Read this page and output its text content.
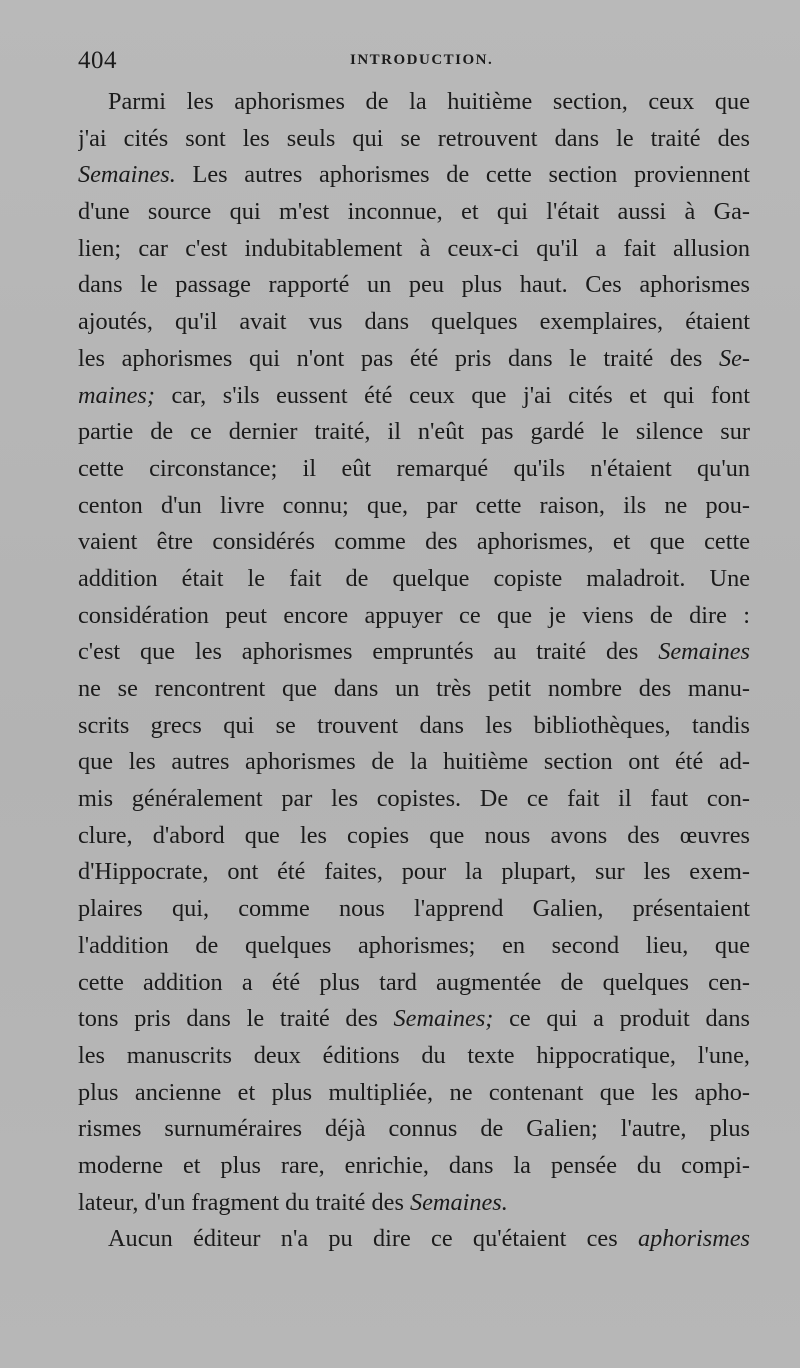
404	INTRODUCTION.
Parmi les aphorismes de la huitième section, ceux que
j'ai cités sont les seuls qui se retrouvent dans le traité des
Semaines. Les autres aphorismes de cette section proviennent
d'une source qui m'est inconnue, et qui l'était aussi à Ga-
lien; car c'est indubitablement à ceux-ci qu'il a fait allusion
dans le passage rapporté un peu plus haut. Ces aphorismes
ajoutés, qu'il avait vus dans quelques exemplaires, étaient
les aphorismes qui n'ont pas été pris dans le traité des Se-
maines; car, s'ils eussent été ceux que j'ai cités et qui font
partie de ce dernier traité, il n'eût pas gardé le silence sur
cette circonstance; il eût remarqué qu'ils n'étaient qu'un
centon d'un livre connu; que, par cette raison, ils ne pou-
vaient être considérés comme des aphorismes, et que cette
addition était le fait de quelque copiste maladroit. Une
considération peut encore appuyer ce que je viens de dire :
c'est que les aphorismes empruntés au traité des Semaines
ne se rencontrent que dans un très petit nombre des manu-
scrits grecs qui se trouvent dans les bibliothèques, tandis
que les autres aphorismes de la huitième section ont été ad-
mis généralement par les copistes. De ce fait il faut con-
clure, d'abord que les copies que nous avons des œuvres
d'Hippocrate, ont été faites, pour la plupart, sur les exem-
plaires qui, comme nous l'apprend Galien, présentaient
l'addition de quelques aphorismes; en second lieu, que
cette addition a été plus tard augmentée de quelques cen-
tons pris dans le traité des Semaines; ce qui a produit dans
les manuscrits deux éditions du texte hippocratique, l'une,
plus ancienne et plus multipliée, ne contenant que les apho-
rismes surnuméraires déjà connus de Galien; l'autre, plus
moderne et plus rare, enrichie, dans la pensée du compi-
lateur, d'un fragment du traité des Semaines.
Aucun éditeur n'a pu dire ce qu'étaient ces aphorismes
